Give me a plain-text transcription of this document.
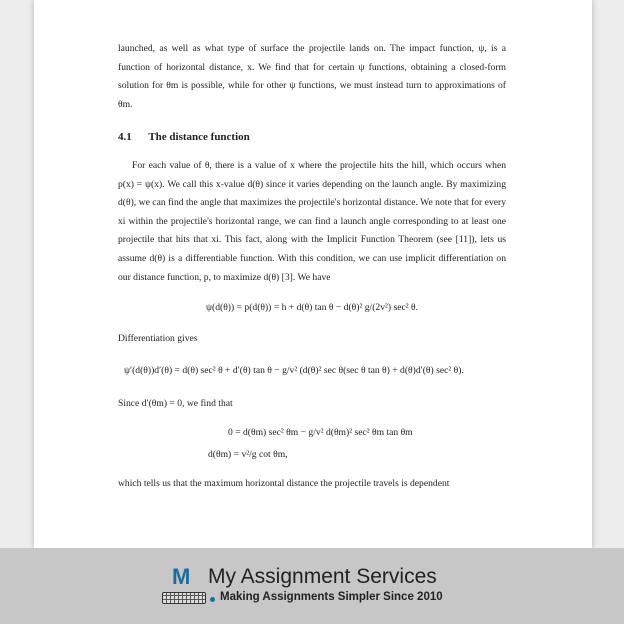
launched, as well as what type of surface the projectile lands on. The impact function, ψ, is a function of horizontal distance, x. We find that for certain ψ functions, obtaining a closed-form solution for θm is possible, while for other ψ functions, we must instead turn to approximations of θm.

4.1 The distance function

For each value of θ, there is a value of x where the projectile hits the hill, which occurs when p(x) = ψ(x). We call this x-value d(θ) since it varies depending on the launch angle. By maximizing d(θ), we can find the angle that maximizes the projectile's horizontal distance. We note that for every xi within the projectile's horizontal range, we can find a launch angle corresponding to at least one projectile that hits that xi. This fact, along with the Implicit Function Theorem (see [11]), lets us assume d(θ) is a differentiable function. With this condition, we can use implicit differentiation on our distance function, p, to maximize d(θ) [3]. We have

ψ(d(θ)) = p(d(θ)) = h + d(θ) tan θ − d(θ)² g/(2v²) sec² θ.

Differentiation gives

ψ′(d(θ))d′(θ) = d(θ) sec² θ + d′(θ) tan θ − g/v² (d(θ)² sec θ(sec θ tan θ) + d(θ)d′(θ) sec² θ).

Since d′(θm) = 0, we find that

0 = d(θm) sec² θm − g/v² d(θm)² sec² θm tan θm
d(θm) = v²/g cot θm,

which tells us that the maximum horizontal distance the projectile travels is dependent

M My Assignment Services
Making Assignments Simpler Since 2010
